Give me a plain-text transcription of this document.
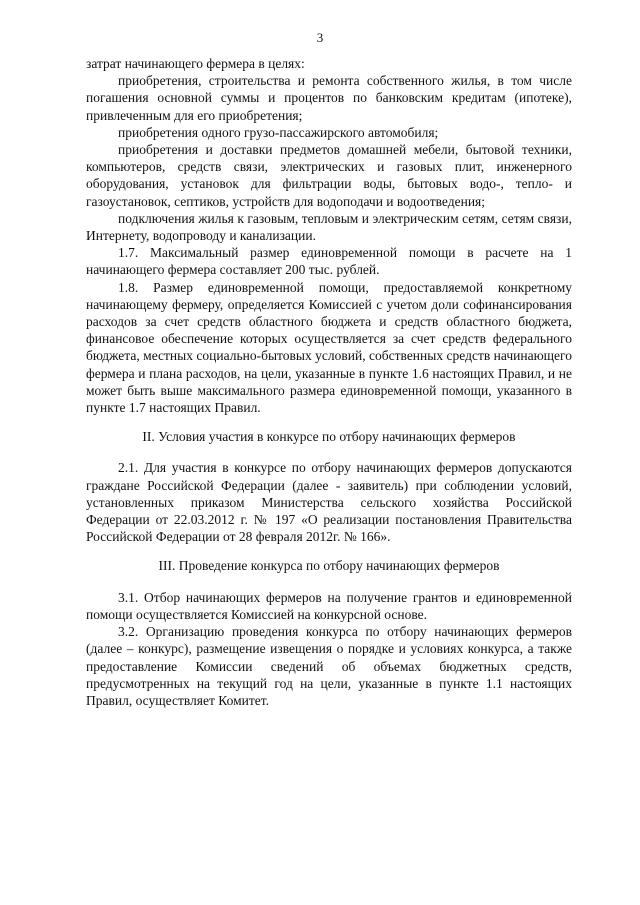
3

затрат начинающего фермера в целях:

приобретения, строительства и ремонта собственного жилья, в том числе погашения основной суммы и процентов по банковским кредитам (ипотеке), привлеченным для его приобретения;

приобретения одного грузо-пассажирского автомобиля;

приобретения и доставки предметов домашней мебели, бытовой техники, компьютеров, средств связи, электрических и газовых плит, инженерного оборудования, установок для фильтрации воды, бытовых водо-, тепло- и газоустановок, септиков, устройств для водоподачи и водоотведения;

подключения жилья к газовым, тепловым и электрическим сетям, сетям связи, Интернету, водопроводу и канализации.

1.7. Максимальный размер единовременной помощи в расчете на 1 начинающего фермера составляет 200 тыс. рублей.

1.8. Размер единовременной помощи, предоставляемой конкретному начинающему фермеру, определяется Комиссией с учетом доли софинансирования расходов за счет средств областного бюджета и средств областного бюджета, финансовое обеспечение которых осуществляется за счет средств федерального бюджета, местных социально-бытовых условий, собственных средств начинающего фермера и плана расходов, на цели, указанные в пункте 1.6 настоящих Правил, и не может быть выше максимального размера единовременной помощи, указанного в пункте 1.7 настоящих Правил.

II. Условия участия в конкурсе по отбору начинающих фермеров

2.1. Для участия в конкурсе по отбору начинающих фермеров допускаются граждане Российской Федерации (далее - заявитель) при соблюдении условий, установленных приказом Министерства сельского хозяйства Российской Федерации от 22.03.2012 г. № 197 «О реализации постановления Правительства Российской Федерации от 28 февраля 2012г. № 166».

III. Проведение конкурса по отбору начинающих фермеров

3.1. Отбор начинающих фермеров на получение грантов и единовременной помощи осуществляется Комиссией на конкурсной основе.

3.2. Организацию проведения конкурса по отбору начинающих фермеров (далее – конкурс), размещение извещения о порядке и условиях конкурса, а также предоставление Комиссии сведений об объемах бюджетных средств, предусмотренных на текущий год на цели, указанные в пункте 1.1 настоящих Правил, осуществляет Комитет.
